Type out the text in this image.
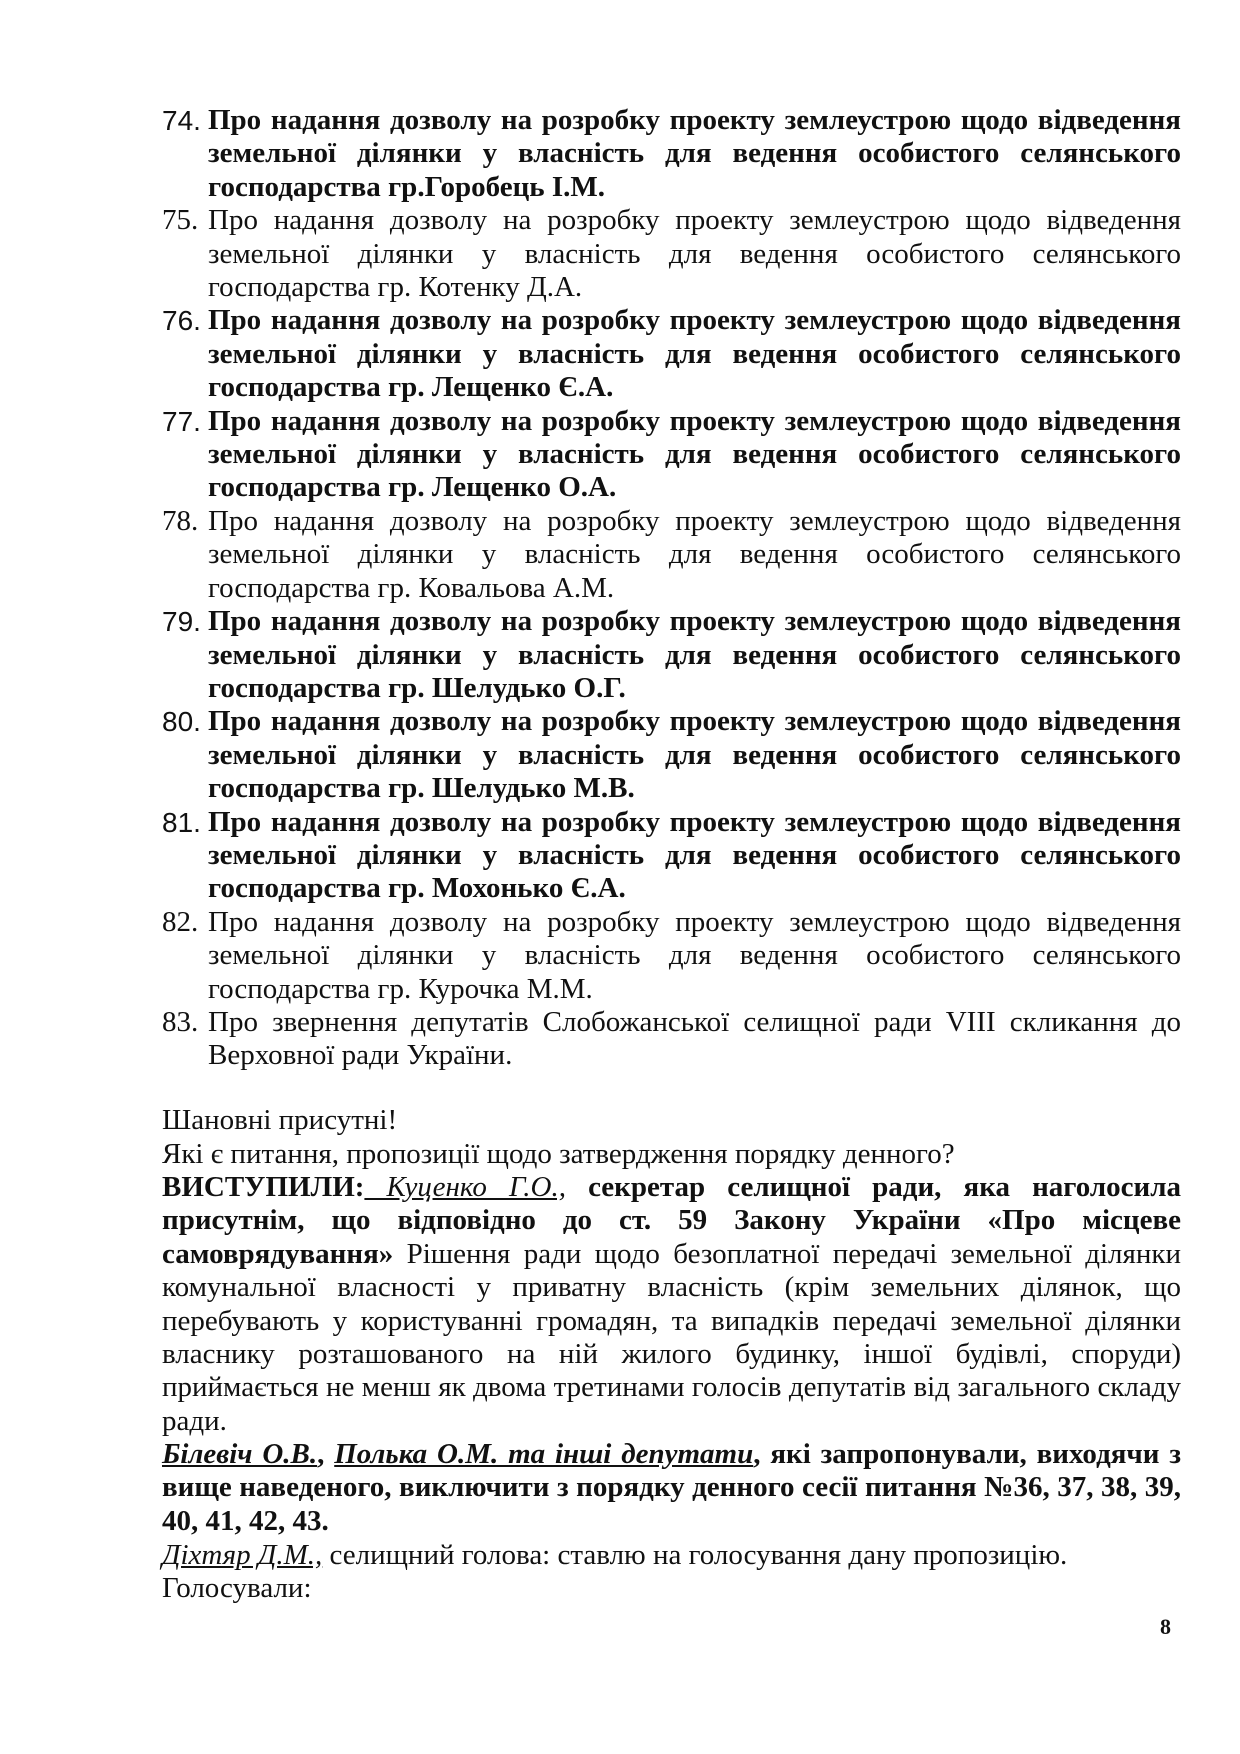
74. Про надання дозволу на розробку проекту землеустрою щодо відведення земельної ділянки у власність для ведення особистого селянського господарства гр.Горобець І.М.
75. Про надання дозволу на розробку проекту землеустрою щодо відведення земельної ділянки у власність для ведення особистого селянського господарства гр. Котенку Д.А.
76. Про надання дозволу на розробку проекту землеустрою щодо відведення земельної ділянки у власність для ведення особистого селянського господарства гр. Лещенко Є.А.
77. Про надання дозволу на розробку проекту землеустрою щодо відведення земельної ділянки у власність для ведення особистого селянського господарства гр. Лещенко О.А.
78. Про надання дозволу на розробку проекту землеустрою щодо відведення земельної ділянки у власність для ведення особистого селянського господарства гр. Ковальова А.М.
79. Про надання дозволу на розробку проекту землеустрою щодо відведення земельної ділянки у власність для ведення особистого селянського господарства гр. Шелудько О.Г.
80. Про надання дозволу на розробку проекту землеустрою щодо відведення земельної ділянки у власність для ведення особистого селянського господарства гр. Шелудько М.В.
81. Про надання дозволу на розробку проекту землеустрою щодо відведення земельної ділянки у власність для ведення особистого селянського господарства гр. Мохонько Є.А.
82. Про надання дозволу на розробку проекту землеустрою щодо відведення земельної ділянки у власність для ведення особистого селянського господарства гр. Курочка М.М.
83. Про звернення депутатів Слобожанської селищної ради VIII скликання до Верховної ради України.

Шановні присутні!

Які є питання, пропозиції щодо затвердження порядку денного?

ВИСТУПИЛИ: Куценко Г.О., секретар селищної ради, яка наголосила присутнім, що відповідно до ст. 59 Закону України «Про місцеве самоврядування» Рішення ради щодо безоплатної передачі земельної ділянки комунальної власності у приватну власність (крім земельних ділянок, що перебувають у користуванні громадян, та випадків передачі земельної ділянки власнику розташованого на ній жилого будинку, іншої будівлі, споруди) приймається не менш як двома третинами голосів депутатів від загального складу ради.

Білевіч О.В., Полька О.М. та інші депутати, які запропонували, виходячи з вище наведеного, виключити з порядку денного сесії питання №36, 37, 38, 39, 40, 41, 42, 43.

Діхтяр Д.М., селищний голова: ставлю на голосування дану пропозицію.

Голосували:

8
